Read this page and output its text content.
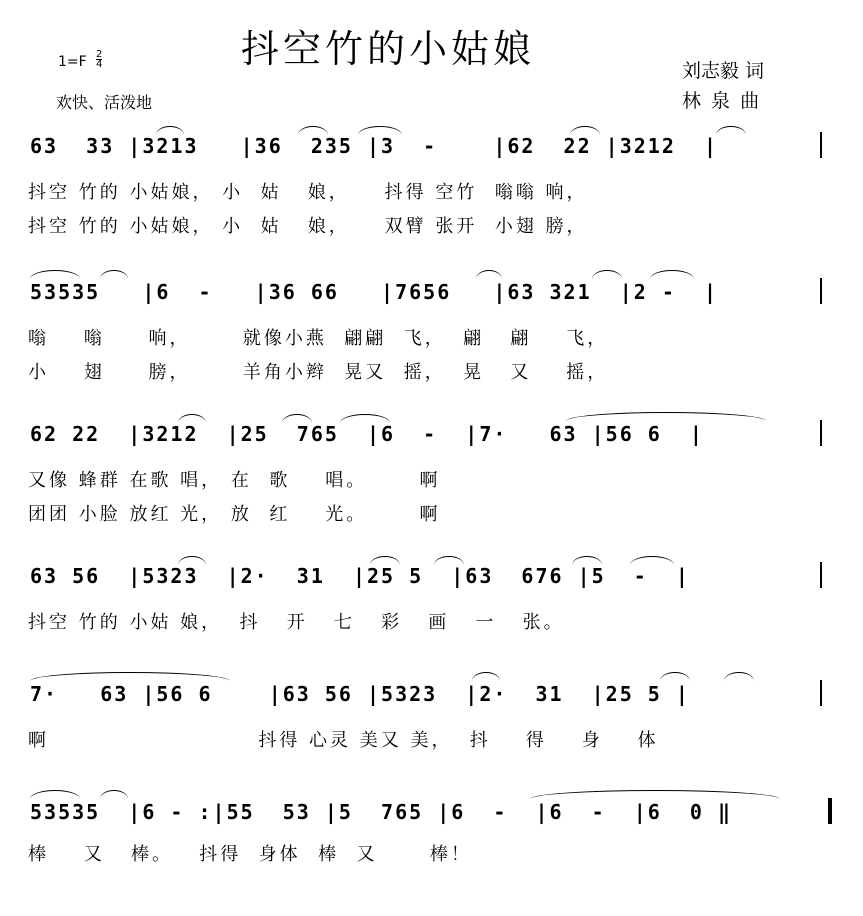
抖空竹的小姑娘
1=F 2
4
欢快、活泼地
刘志毅 词
林 泉 曲
63  33 |3213   |36  235 |3  -    |62  22 |3212  |
抖空 竹的 小姑娘， 小  姑   娘，    抖得 空竹  嗡嗡 响，
抖空 竹的 小姑娘， 小  姑   娘，    双臂 张开  小翅 膀，
53535   |6  -   |36 66   |7656   |63 321  |2 -  |
嗡    嗡     响，      就像小燕  翩翩  飞，  翩   翩    飞，
小    翅     膀，      羊角小辫  晃又  摇，  晃   又    摇，
62 22  |3212  |25  765  |6  -  |7·   63 |56 6  |
又像 蜂群 在歌 唱， 在  歌    唱。      啊
团团 小脸 放红 光， 放  红    光。      啊
63 56  |5323  |2·  31  |25 5  |63  676 |5  -  |
抖空 竹的 小姑 娘，  抖   开   七   彩   画   一   张。
7·   63 |56 6    |63 56 |5323  |2·  31  |25 5 |
啊                        抖得 心灵 美又 美，  抖    得    身    体
53535  |6 - :|55  53 |5  765 |6  -  |6  -  |6  0 ‖
棒    又   棒。   抖得  身体  棒  又      棒！
